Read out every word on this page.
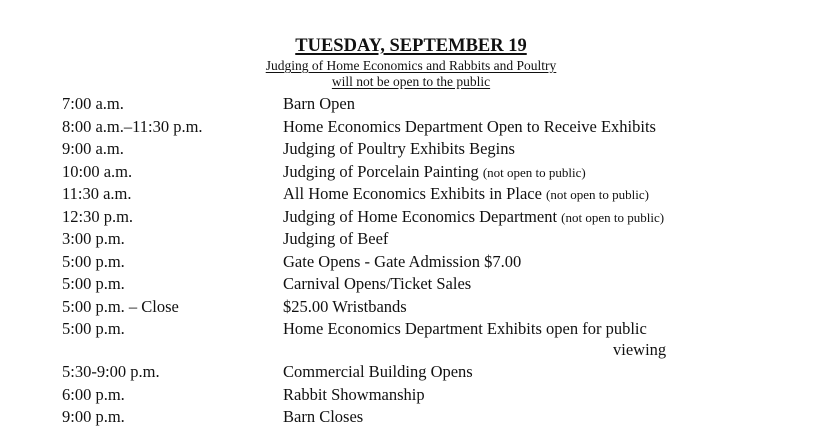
TUESDAY, SEPTEMBER 19
Judging of Home Economics and Rabbits and Poultry
will not be open to the public
7:00 a.m.	Barn Open
8:00 a.m.–11:30 p.m.	Home Economics Department Open to Receive Exhibits
9:00 a.m.	Judging of Poultry Exhibits Begins
10:00 a.m.	Judging of Porcelain Painting (not open to public)
11:30 a.m.	All Home Economics Exhibits in Place (not open to public)
12:30 p.m.	Judging of Home Economics Department (not open to public)
3:00 p.m.	Judging of Beef
5:00 p.m.	Gate Opens - Gate Admission $7.00
5:00 p.m.	Carnival Opens/Ticket Sales
5:00 p.m. – Close	$25.00 Wristbands
5:00 p.m.	Home Economics Department Exhibits open for public
viewing
5:30-9:00 p.m.	Commercial Building Opens
6:00 p.m.	Rabbit Showmanship
9:00 p.m.	Barn Closes
